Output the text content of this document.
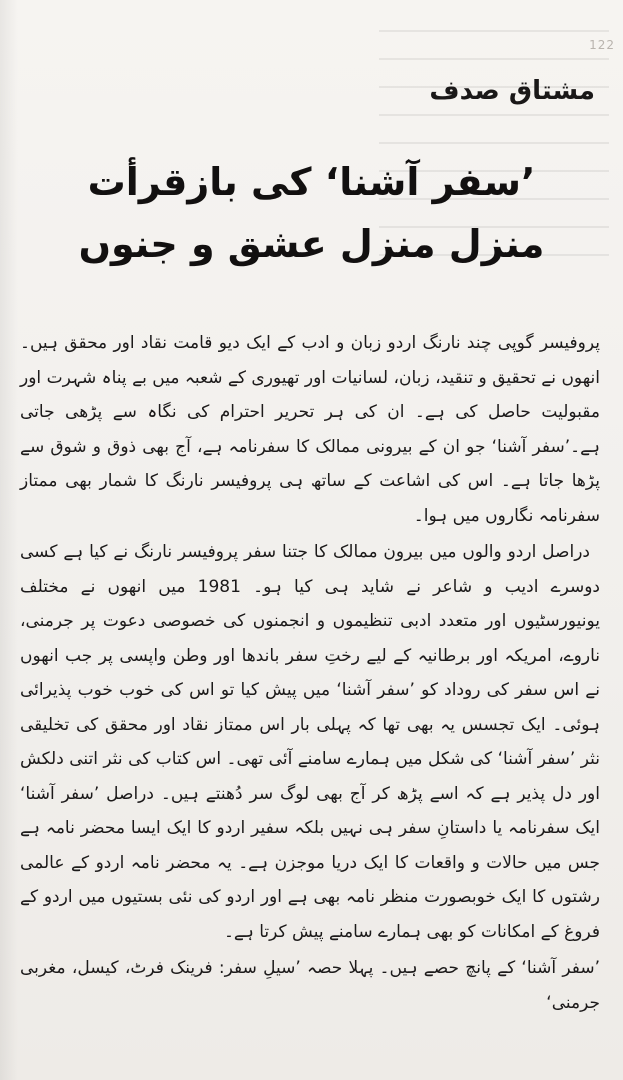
122
مشتاق صدف
’سفر آشنا‘ کی بازقرأت
منزل منزل عشق و جنوں

پروفیسر گوپی چند نارنگ اردو زبان و ادب کے ایک دیو قامت نقاد اور محقق ہیں۔ انھوں نے تحقیق و تنقید، زبان، لسانیات اور تھیوری کے شعبہ میں بے پناہ شہرت اور مقبولیت حاصل کی ہے۔ ان کی ہر تحریر احترام کی نگاہ سے پڑھی جاتی ہے۔’سفر آشنا‘ جو ان کے بیرونی ممالک کا سفرنامہ ہے، آج بھی ذوق و شوق سے پڑھا جاتا ہے۔ اس کی اشاعت کے ساتھ ہی پروفیسر نارنگ کا شمار بھی ممتاز سفرنامہ نگاروں میں ہوا۔

دراصل اردو والوں میں بیرون ممالک کا جتنا سفر پروفیسر نارنگ نے کیا ہے کسی دوسرے ادیب و شاعر نے شاید ہی کیا ہو۔ 1981 میں انھوں نے مختلف یونیورسٹیوں اور متعدد ادبی تنظیموں و انجمنوں کی خصوصی دعوت پر جرمنی، ناروے، امریکہ اور برطانیہ کے لیے رختِ سفر باندھا اور وطن واپسی پر جب انھوں نے اس سفر کی روداد کو ’سفر آشنا‘ میں پیش کیا تو اس کی خوب خوب پذیرائی ہوئی۔ ایک تجسس یہ بھی تھا کہ پہلی بار اس ممتاز نقاد اور محقق کی تخلیقی نثر ’سفر آشنا‘ کی شکل میں ہمارے سامنے آئی تھی۔ اس کتاب کی نثر اتنی دلکش اور دل پذیر ہے کہ اسے پڑھ کر آج بھی لوگ سر دُھنتے ہیں۔ دراصل ’سفر آشنا‘ ایک سفرنامہ یا داستانِ سفر ہی نہیں بلکہ سفیر اردو کا ایک ایسا محضر نامہ ہے جس میں حالات و واقعات کا ایک دریا موجزن ہے۔ یہ محضر نامہ اردو کے عالمی رشتوں کا ایک خوبصورت منظر نامہ بھی ہے اور اردو کی نئی بستیوں میں اردو کے فروغ کے امکانات کو بھی ہمارے سامنے پیش کرتا ہے۔

’سفر آشنا‘ کے پانچ حصے ہیں۔ پہلا حصہ ’سیلِ سفر: فرینک فرٹ، کیسل، مغربی جرمنی‘
